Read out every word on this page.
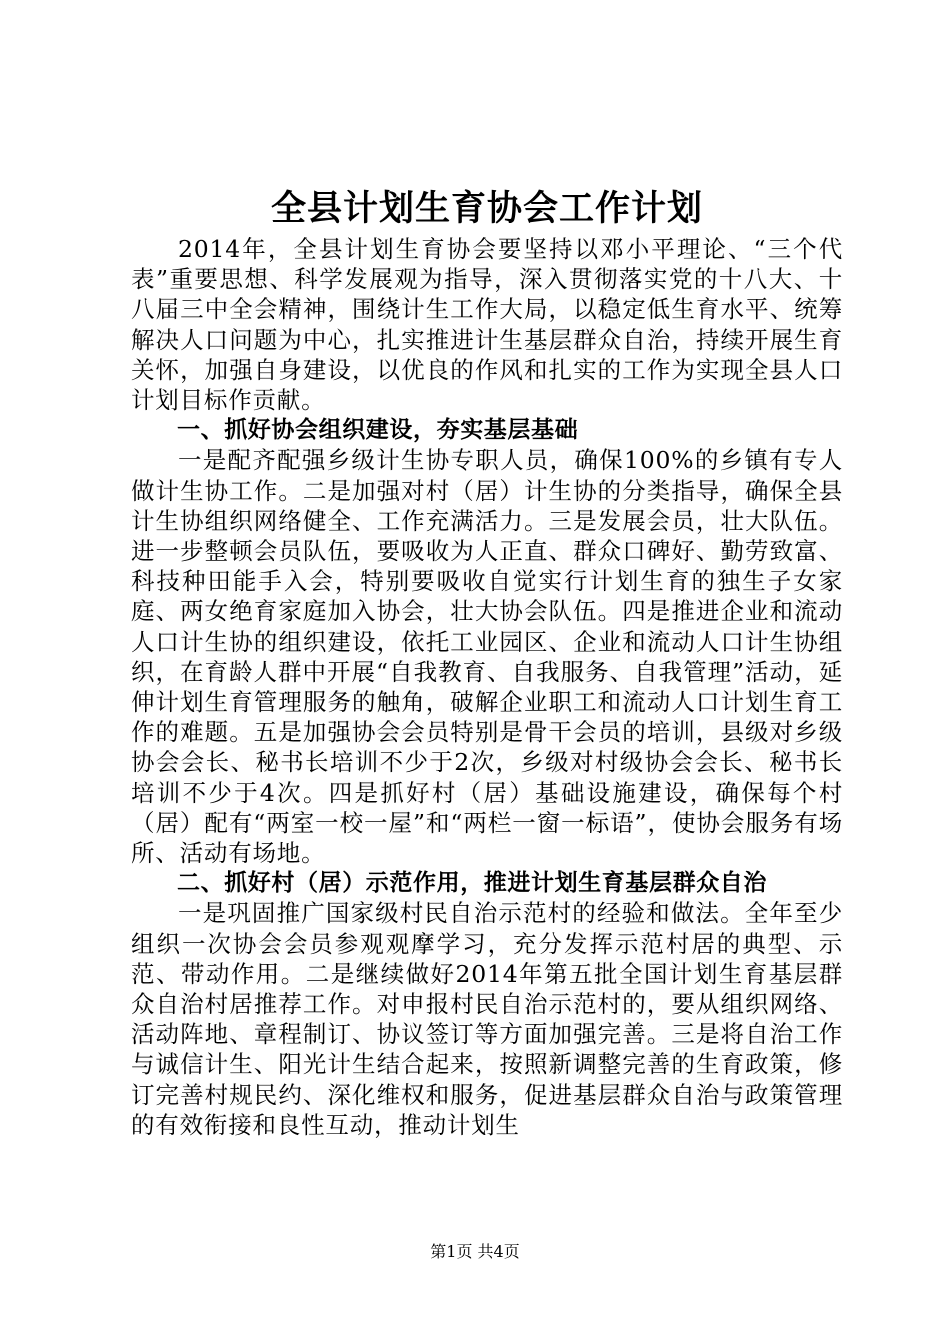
全县计划生育协会工作计划

2014年，全县计划生育协会要坚持以邓小平理论、“三个代表”重要思想、科学发展观为指导，深入贯彻落实党的十八大、十八届三中全会精神，围绕计生工作大局，以稳定低生育水平、统筹解决人口问题为中心，扎实推进计生基层群众自治，持续开展生育关怀，加强自身建设，以优良的作风和扎实的工作为实现全县人口计划目标作贡献。

一、抓好协会组织建设，夯实基层基础

一是配齐配强乡级计生协专职人员，确保100%的乡镇有专人做计生协工作。二是加强对村（居）计生协的分类指导，确保全县计生协组织网络健全、工作充满活力。三是发展会员，壮大队伍。进一步整顿会员队伍，要吸收为人正直、群众口碑好、勤劳致富、科技种田能手入会，特别要吸收自觉实行计划生育的独生子女家庭、两女绝育家庭加入协会，壮大协会队伍。四是推进企业和流动人口计生协的组织建设，依托工业园区、企业和流动人口计生协组织，在育龄人群中开展“自我教育、自我服务、自我管理”活动，延伸计划生育管理服务的触角，破解企业职工和流动人口计划生育工作的难题。五是加强协会会员特别是骨干会员的培训，县级对乡级协会会长、秘书长培训不少于2次，乡级对村级协会会长、秘书长培训不少于4次。四是抓好村（居）基础设施建设，确保每个村（居）配有“两室一校一屋”和“两栏一窗一标语”，使协会服务有场所、活动有场地。

二、抓好村（居）示范作用，推进计划生育基层群众自治

一是巩固推广国家级村民自治示范村的经验和做法。全年至少组织一次协会会员参观观摩学习，充分发挥示范村居的典型、示范、带动作用。二是继续做好2014年第五批全国计划生育基层群众自治村居推荐工作。对申报村民自治示范村的，要从组织网络、活动阵地、章程制订、协议签订等方面加强完善。三是将自治工作与诚信计生、阳光计生结合起来，按照新调整完善的生育政策，修订完善村规民约、深化维权和服务，促进基层群众自治与政策管理的有效衔接和良性互动，推动计划生

第1页 共4页
